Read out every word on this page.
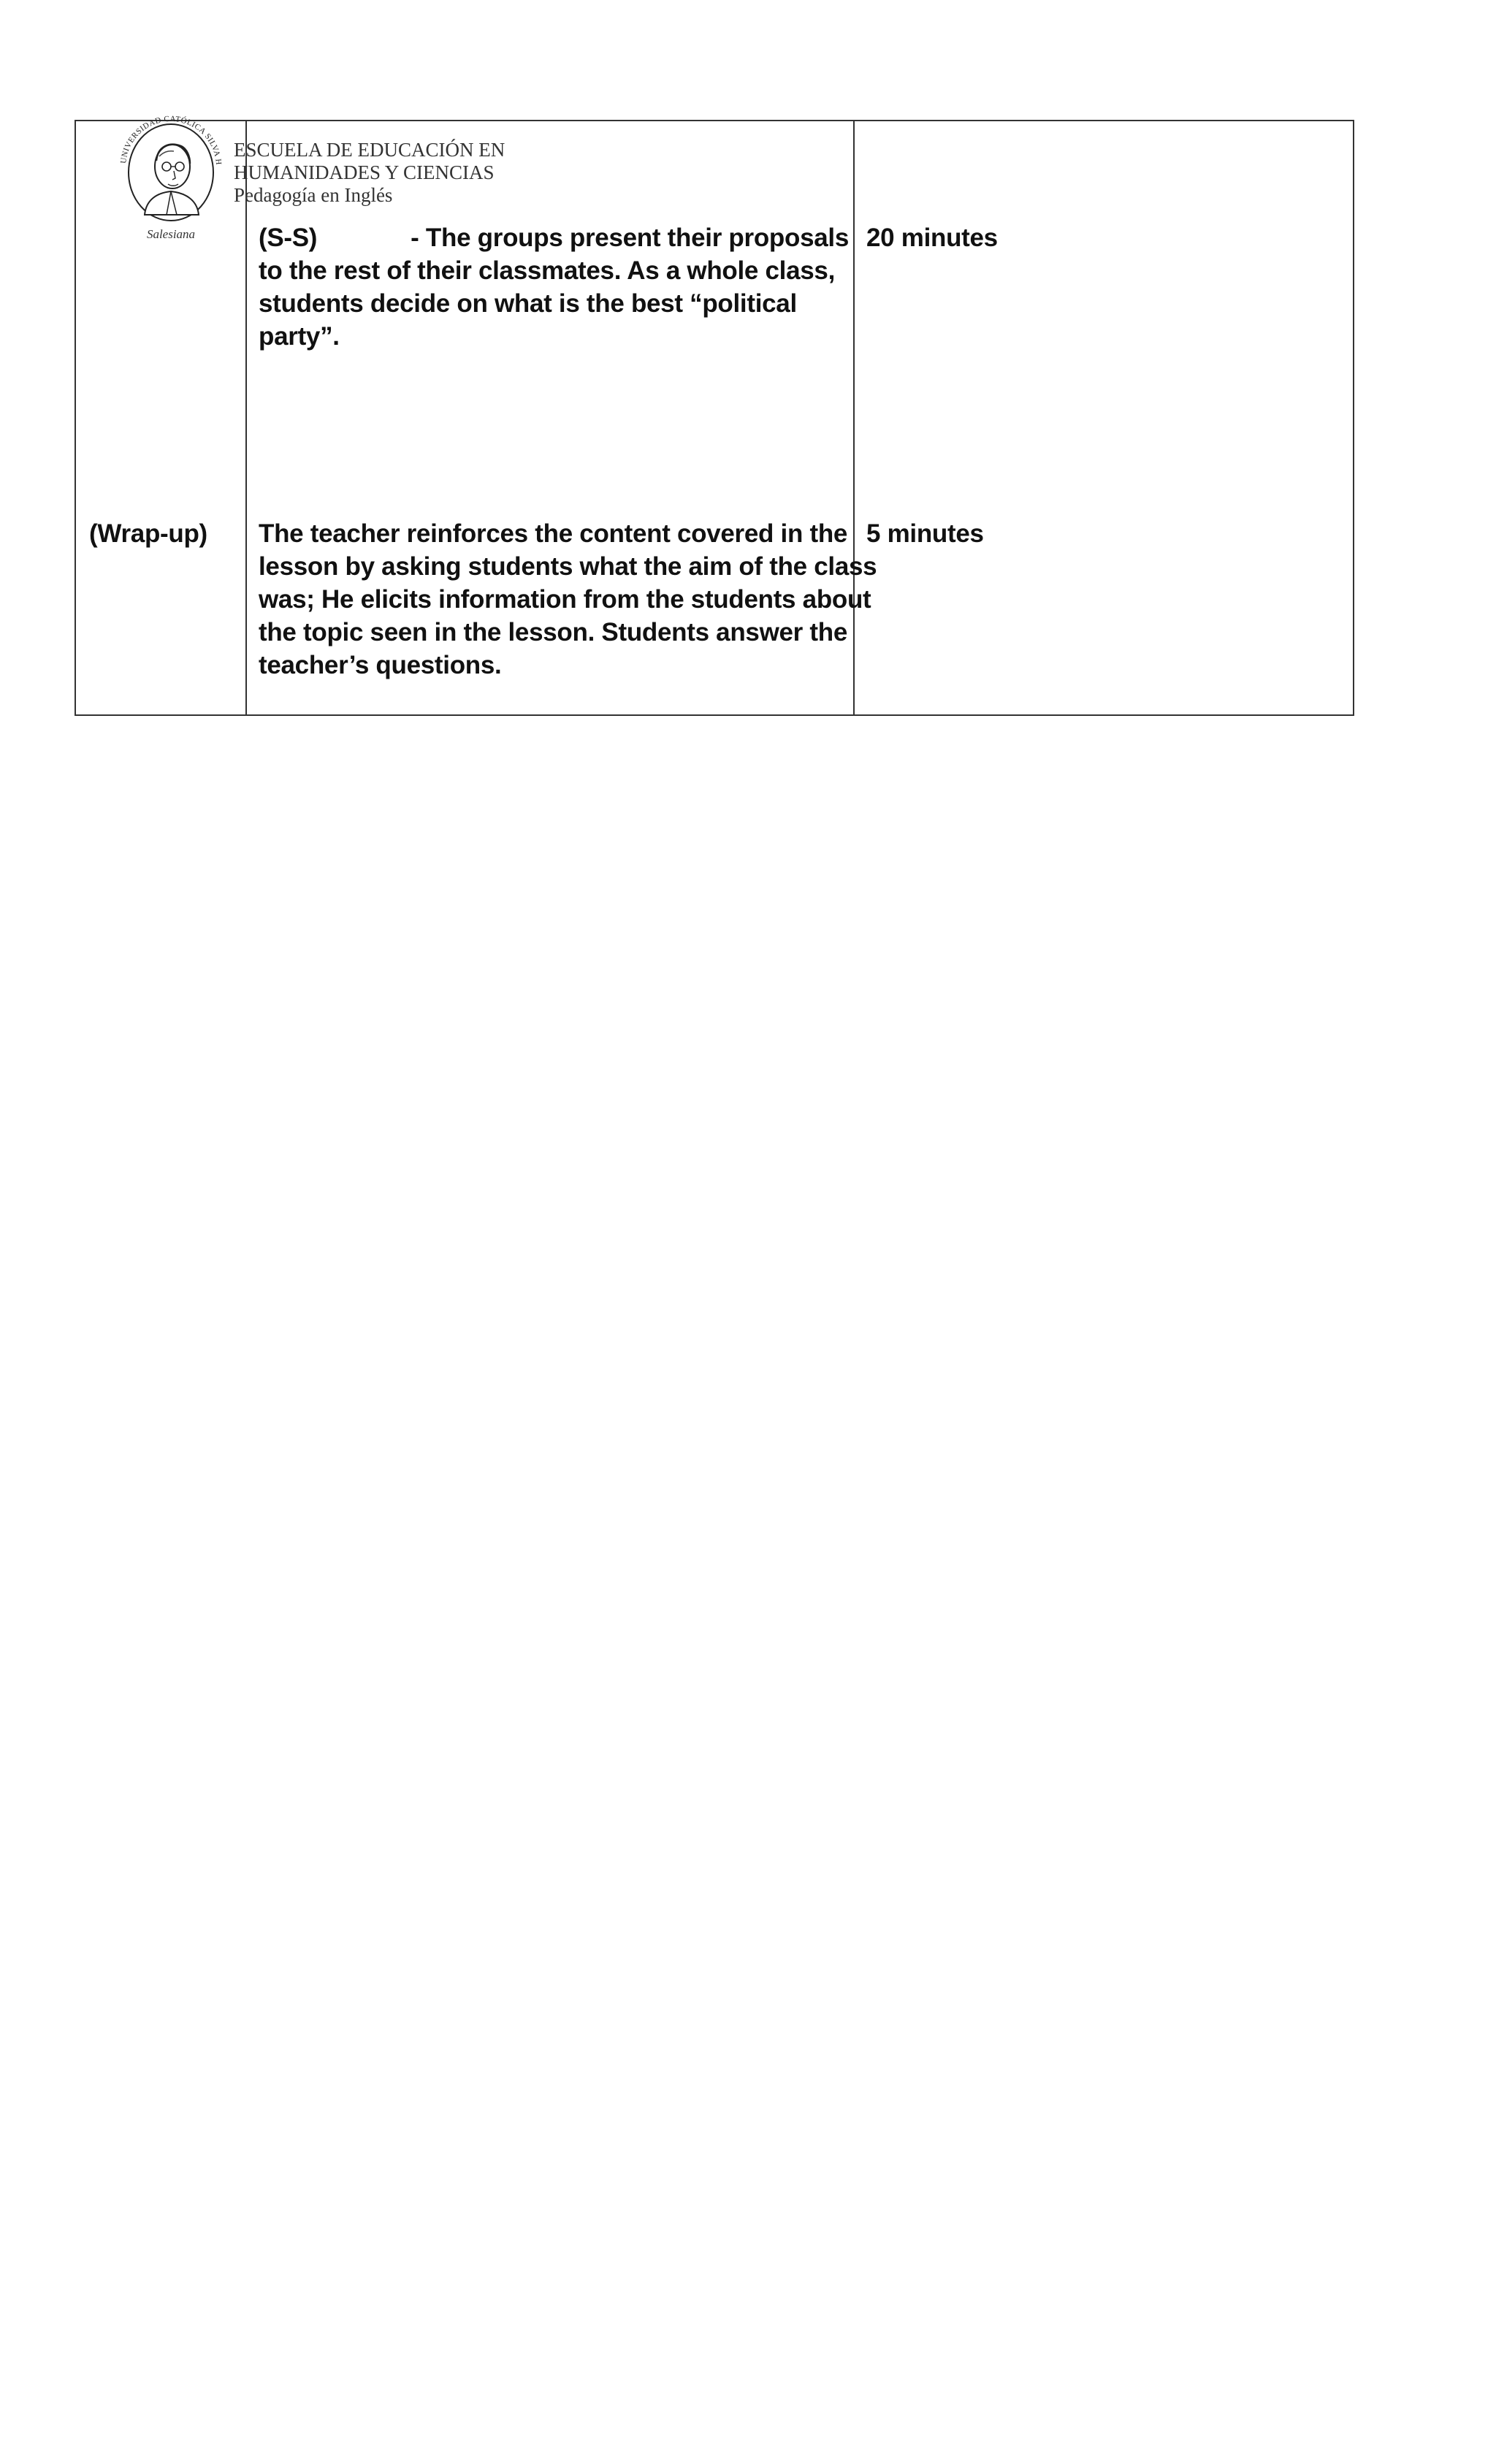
(S-S)	- The groups present their proposals
to the rest of their classmates. As a whole class,
students decide on what is the best “political
party”.
20 minutes
(Wrap-up) The teacher reinforces the content covered in the
lesson by asking students what the aim of the class
was; He elicits information from the students about
the topic seen in the lesson. Students answer the
teacher’s questions.
5 minutes
UNIVERSIDAD CATÓLICA SILVA H
Salesiana
ESCUELA DE EDUCACIÓN EN
HUMANIDADES Y CIENCIAS
Pedagogía en Inglés
